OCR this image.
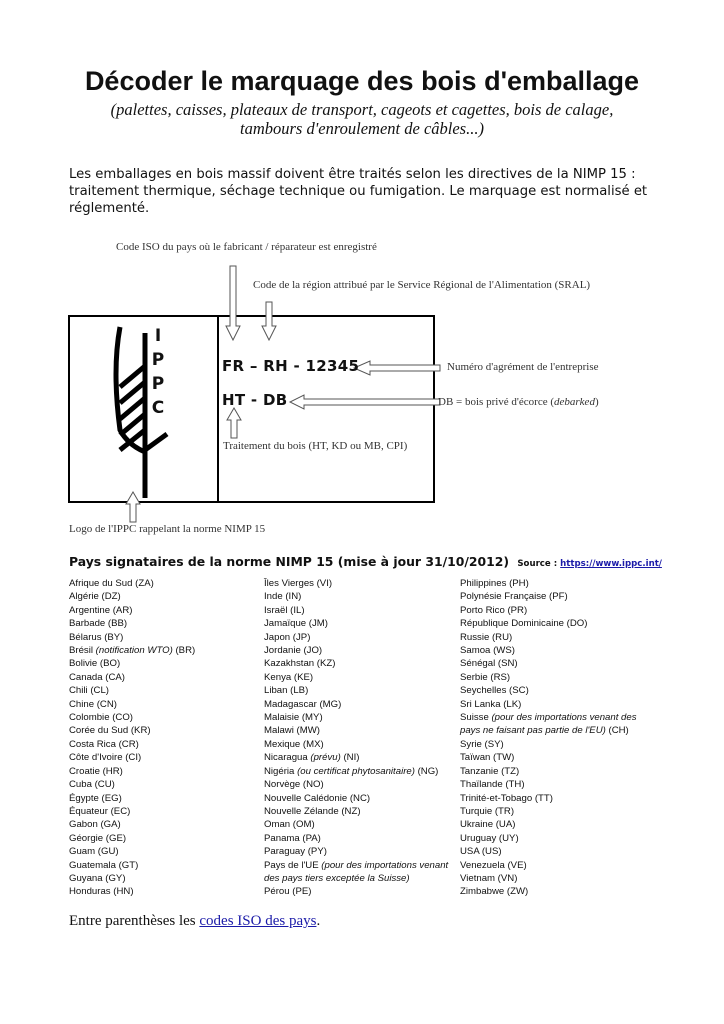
Décoder le marquage des bois d'emballage
(palettes, caisses, plateaux de transport, cageots et cagettes, bois de calage, tambours d'enroulement de câbles...)
Les emballages en bois massif doivent être traités selon les directives de la NIMP 15 : traitement thermique, séchage technique ou fumigation. Le marquage est normalisé et réglementé.
I
P
P
C
FR – RH - 12345
HT - DB
Code ISO du pays où le fabricant / réparateur est enregistré
Code de la région attribué par le Service Régional de l'Alimentation (SRAL)
Numéro d'agrément de l'entreprise
DB = bois privé d'écorce (debarked)
Traitement du bois (HT, KD ou MB, CPI)
Logo de l'IPPC rappelant la norme NIMP 15
Pays signataires de la norme NIMP 15 (mise à jour 31/10/2012) Source : https://www.ippc.int/
Afrique du Sud (ZA)
Algérie (DZ)
Argentine (AR)
Barbade (BB)
Bélarus (BY)
Brésil (notification WTO) (BR)
Bolivie (BO)
Canada (CA)
Chili (CL)
Chine (CN)
Colombie (CO)
Corée du Sud (KR)
Costa Rica (CR)
Côte d'Ivoire (CI)
Croatie (HR)
Cuba (CU)
Égypte (EG)
Équateur (EC)
Gabon (GA)
Géorgie (GE)
Guam (GU)
Guatemala (GT)
Guyana (GY)
Honduras (HN)
Îles Vierges (VI)
Inde (IN)
Israël (IL)
Jamaïque (JM)
Japon (JP)
Jordanie (JO)
Kazakhstan (KZ)
Kenya (KE)
Liban (LB)
Madagascar (MG)
Malaisie (MY)
Malawi (MW)
Mexique (MX)
Nicaragua (prévu) (NI)
Nigéria (ou certificat phytosanitaire) (NG)
Norvège (NO)
Nouvelle Calédonie (NC)
Nouvelle Zélande (NZ)
Oman (OM)
Panama (PA)
Paraguay (PY)
Pays de l'UE (pour des importations venant des pays tiers exceptée la Suisse)
Pérou (PE)
Philippines (PH)
Polynésie Française (PF)
Porto Rico (PR)
République Dominicaine (DO)
Russie (RU)
Samoa (WS)
Sénégal (SN)
Serbie (RS)
Seychelles (SC)
Sri Lanka (LK)
Suisse (pour des importations venant des pays ne faisant pas partie de l'EU) (CH)
Syrie (SY)
Taïwan (TW)
Tanzanie (TZ)
Thaïlande (TH)
Trinité-et-Tobago (TT)
Turquie (TR)
Ukraine (UA)
Uruguay (UY)
USA (US)
Venezuela (VE)
Vietnam (VN)
Zimbabwe (ZW)
Entre parenthèses les codes ISO des pays.
